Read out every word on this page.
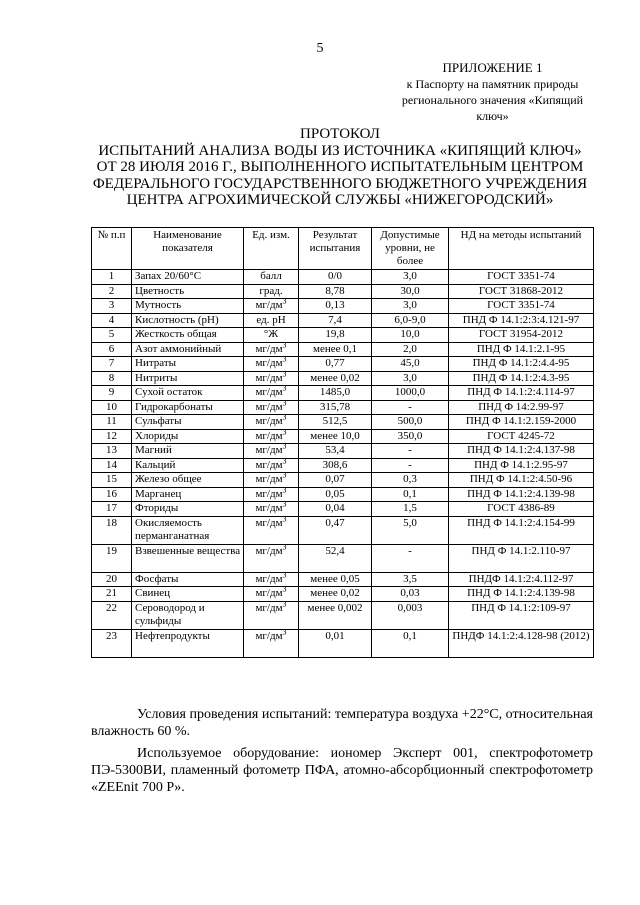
5
ПРИЛОЖЕНИЕ 1
к Паспорту на памятник природы
регионального значения «Кипящий
ключ»
ПРОТОКОЛ
ИСПЫТАНИЙ АНАЛИЗА ВОДЫ ИЗ ИСТОЧНИКА «КИПЯЩИЙ КЛЮЧ»
ОТ 28 ИЮЛЯ 2016 Г., ВЫПОЛНЕННОГО ИСПЫТАТЕЛЬНЫМ ЦЕНТРОМ
ФЕДЕРАЛЬНОГО ГОСУДАРСТВЕННОГО БЮДЖЕТНОГО УЧРЕЖДЕНИЯ
ЦЕНТРА АГРОХИМИЧЕСКОЙ СЛУЖБЫ «НИЖЕГОРОДСКИЙ»
№ п.п	Наименование показателя	Ед. изм.	Результат испытания	Допустимые уровни, не более	НД на методы испытаний
1	Запах 20/60°C	балл	0/0	3,0	ГОСТ 3351-74
2	Цветность	град.	8,78	30,0	ГОСТ 31868-2012
3	Мутность	$мг/дм^3$	0,13	3,0	ГОСТ 3351-74
4	Кислотность (pH)	ед. pH	7,4	6,0-9,0	ПНД Ф 14.1:2:3:4.121-97
5	Жесткость общая	°Ж	19,8	10,0	ГОСТ 31954-2012
6	Азот аммонийный	$мг/дм^3$	менее 0,1	2,0	ПНД Ф 14.1:2.1-95
7	Нитраты	$мг/дм^3$	0,77	45,0	ПНД Ф 14.1:2:4.4-95
8	Нитриты	$мг/дм^3$	менее 0,02	3,0	ПНД Ф 14.1:2:4.3-95
9	Сухой остаток	$мг/дм^3$	1485,0	1000,0	ПНД Ф 14.1:2:4.114-97
10	Гидрокарбонаты	$мг/дм^3$	315,78	-	ПНД Ф 14:2.99-97
11	Сульфаты	$мг/дм^3$	512,5	500,0	ПНД Ф 14.1:2.159-2000
12	Хлориды	$мг/дм^3$	менее 10,0	350,0	ГОСТ 4245-72
13	Магний	$мг/дм^3$	53,4	-	ПНД Ф 14.1:2:4.137-98
14	Кальций	$мг/дм^3$	308,6	-	ПНД Ф 14.1:2.95-97
15	Железо общее	$мг/дм^3$	0,07	0,3	ПНД Ф 14.1:2:4.50-96
16	Марганец	$мг/дм^3$	0,05	0,1	ПНД Ф 14.1:2:4.139-98
17	Фториды	$мг/дм^3$	0,04	1,5	ГОСТ 4386-89
18	Окисляемость перманганатная	$мг/дм^3$	0,47	5,0	ПНД Ф 14.1:2:4.154-99
19	Взвешенные вещества	$мг/дм^3$	52,4	-	ПНД Ф 14.1:2.110-97
20	Фосфаты	$мг/дм^3$	менее 0,05	3,5	ПНДФ 14.1:2:4.112-97
21	Свинец	$мг/дм^3$	менее 0,02	0,03	ПНД Ф 14.1:2:4.139-98
22	Сероводород и сульфиды	$мг/дм^3$	менее 0,002	0,003	ПНД Ф 14.1:2:109-97
23	Нефтепродукты	$мг/дм^3$	0,01	0,1	ПНДФ 14.1:2:4.128-98 (2012)

Условия проведения испытаний: температура воздуха +22°С, относительная влажность 60 %.

Используемое оборудование: иономер Эксперт 001, спектрофотометр ПЭ-5300ВИ, пламенный фотометр ПФА, атомно-абсорбционный спектрофотометр «ZEEnit 700 P».
